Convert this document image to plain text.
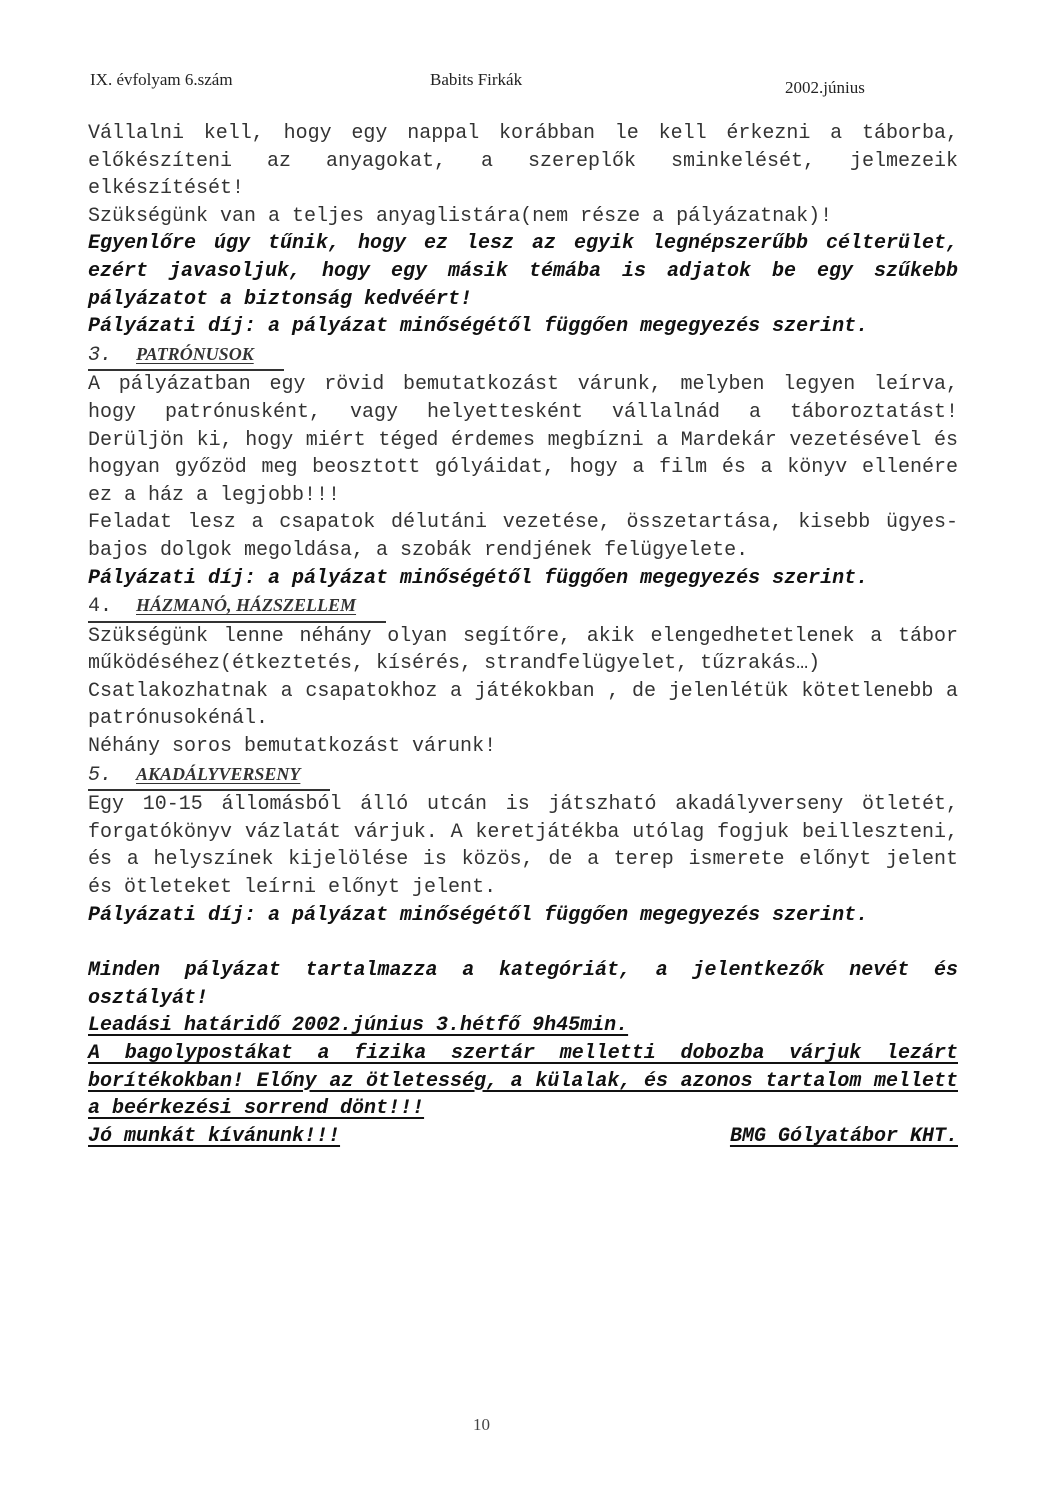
IX. évfolyam 6.szám	Babits Firkák	2002.június

Vállalni kell, hogy egy nappal korábban le kell érkezni a táborba, előkészíteni az anyagokat, a szereplők sminkelését, jelmezeik elkészítését!

Szükségünk van a teljes anyaglistára(nem része a pályázatnak)!

Egyenlőre úgy tűnik, hogy ez lesz az egyik legnépszerűbb célterület, ezért javasoljuk, hogy egy másik témába is adjatok be egy szűkebb pályázatot a biztonság kedvéért!

Pályázati díj: a pályázat minőségétől függően megegyezés szerint.

3. PATRÓNUSOK

A pályázatban egy rövid bemutatkozást várunk, melyben legyen leírva, hogy patrónusként, vagy helyettesként vállalnád a táboroztatást! Derüljön ki, hogy miért téged érdemes megbízni a Mardekár vezetésével és hogyan győzöd meg beosztott gólyáidat, hogy a film és a könyv ellenére ez a ház a legjobb!!!

Feladat lesz a csapatok délutáni vezetése, összetartása, kisebb ügyes-bajos dolgok megoldása, a szobák rendjének felügyelete.

Pályázati díj: a pályázat minőségétől függően megegyezés szerint.

4. HÁZMANÓ, HÁZSZELLEM

Szükségünk lenne néhány olyan segítőre, akik elengedhetetlenek a tábor működéséhez(étkeztetés, kísérés, strandfelügyelet, tűzrakás…)

Csatlakozhatnak a csapatokhoz a játékokban , de jelenlétük kötetlenebb a patrónusokénál.

Néhány soros bemutatkozást várunk!

5. AKADÁLYVERSENY

Egy 10-15 állomásból álló utcán is játszható akadályverseny ötletét, forgatókönyv vázlatát várjuk. A keretjátékba utólag fogjuk beilleszteni, és a helyszínek kijelölése is közös, de a terep ismerete előnyt jelent és ötleteket leírni előnyt jelent.

Pályázati díj: a pályázat minőségétől függően megegyezés szerint.

Minden pályázat tartalmazza a kategóriát, a jelentkezők nevét és osztályát!

Leadási határidő 2002.június 3.hétfő 9h45min.

A bagolypostákat a fizika szertár melletti dobozba várjuk lezárt borítékokban! Előny az ötletesség, a külalak, és azonos tartalom mellett a beérkezési sorrend dönt!!!

Jó munkát kívánunk!!!	BMG Gólyatábor KHT.
10
